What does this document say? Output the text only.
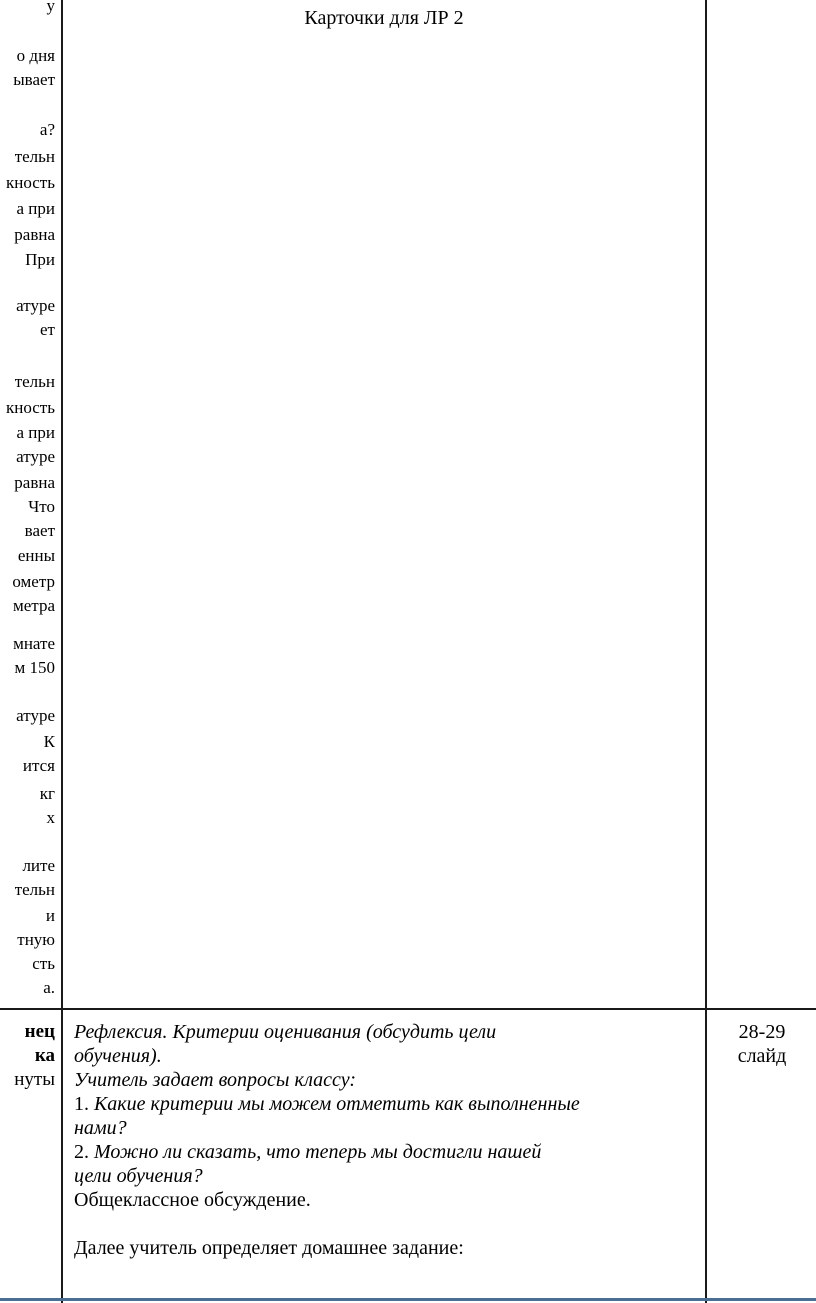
у
о дня
ывает
а?
тельн
кность
а при
равна
При
атуре
ет
тельн
кность
а при
атуре
равна
Что
вает
енны
ометр
метра
мнате
м 150
атуре
К
ится
кг
х
лите
тельн
и
тную
сть
а.
Карточки для ЛР 2
нец
ка
нуты

Рефлексия. Критерии оценивания (обсудить цели

обучения).

Учитель задает вопросы классу:

1. Какие критерии мы можем отметить как выполненные

нами?

2. Можно ли сказать, что теперь мы достигли нашей

цели обучения?

Общеклассное обсуждение.

Далее учитель определяет домашнее задание:

28-29
слайд
